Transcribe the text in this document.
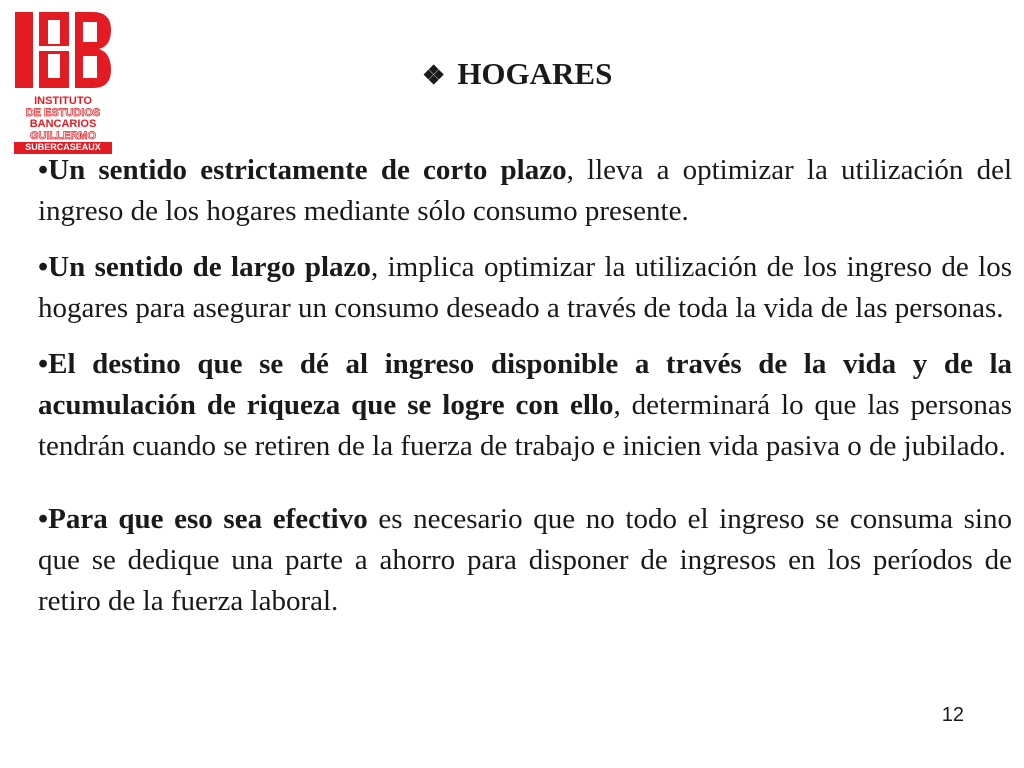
INSTITUTO
DE ESTUDIOS
BANCARIOS
GUILLERMO
SUBERCASEAUX
❖ HOGARES

•Un sentido estrictamente de corto plazo, lleva a optimizar la utilización del ingreso de los hogares mediante sólo consumo presente.

•Un sentido de largo plazo, implica optimizar la utilización de los ingreso de los hogares para asegurar un consumo deseado a través de toda la vida de las personas.

•El destino que se dé al ingreso disponible a través de la vida y de la acumulación de riqueza que se logre con ello, determinará lo que las personas tendrán cuando se retiren de la fuerza de trabajo e inicien vida pasiva o de jubilado.

•Para que eso sea efectivo es necesario que no todo el ingreso se consuma sino que se dedique una parte a ahorro para disponer de ingresos en los períodos de retiro de la fuerza laboral.

12
